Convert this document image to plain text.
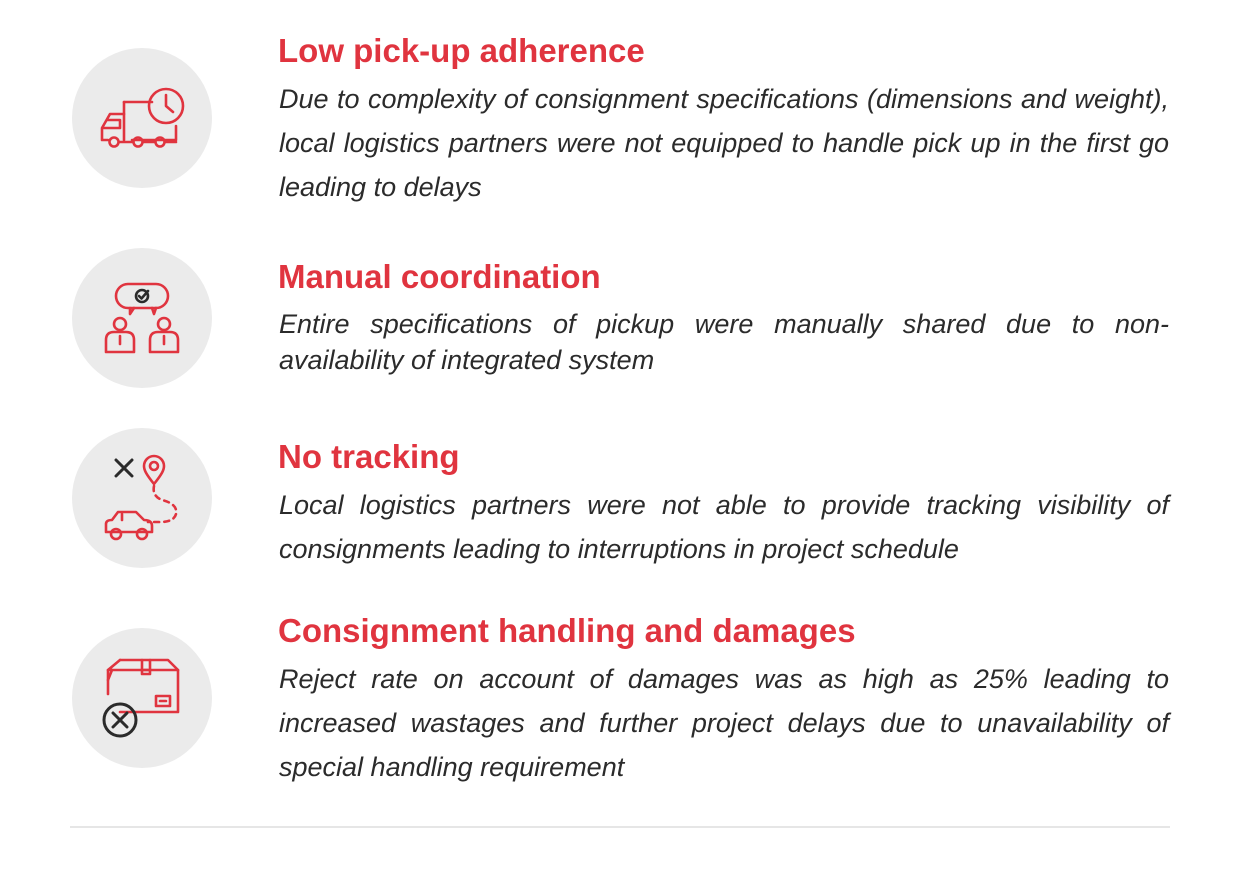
Low pick-up adherence

Due to complexity of consignment specifications (dimensions and weight), local logistics partners were not equipped to handle pick up in the first go leading to delays

Manual coordination

Entire specifications of pickup were manually shared due to non-availability of integrated system

No tracking

Local logistics partners were not able to provide tracking visibility of consignments leading to interruptions in project schedule

Consignment handling and damages

Reject rate on account of damages was as high as 25% leading to increased wastages and further project delays due to unavailability of special handling requirement
